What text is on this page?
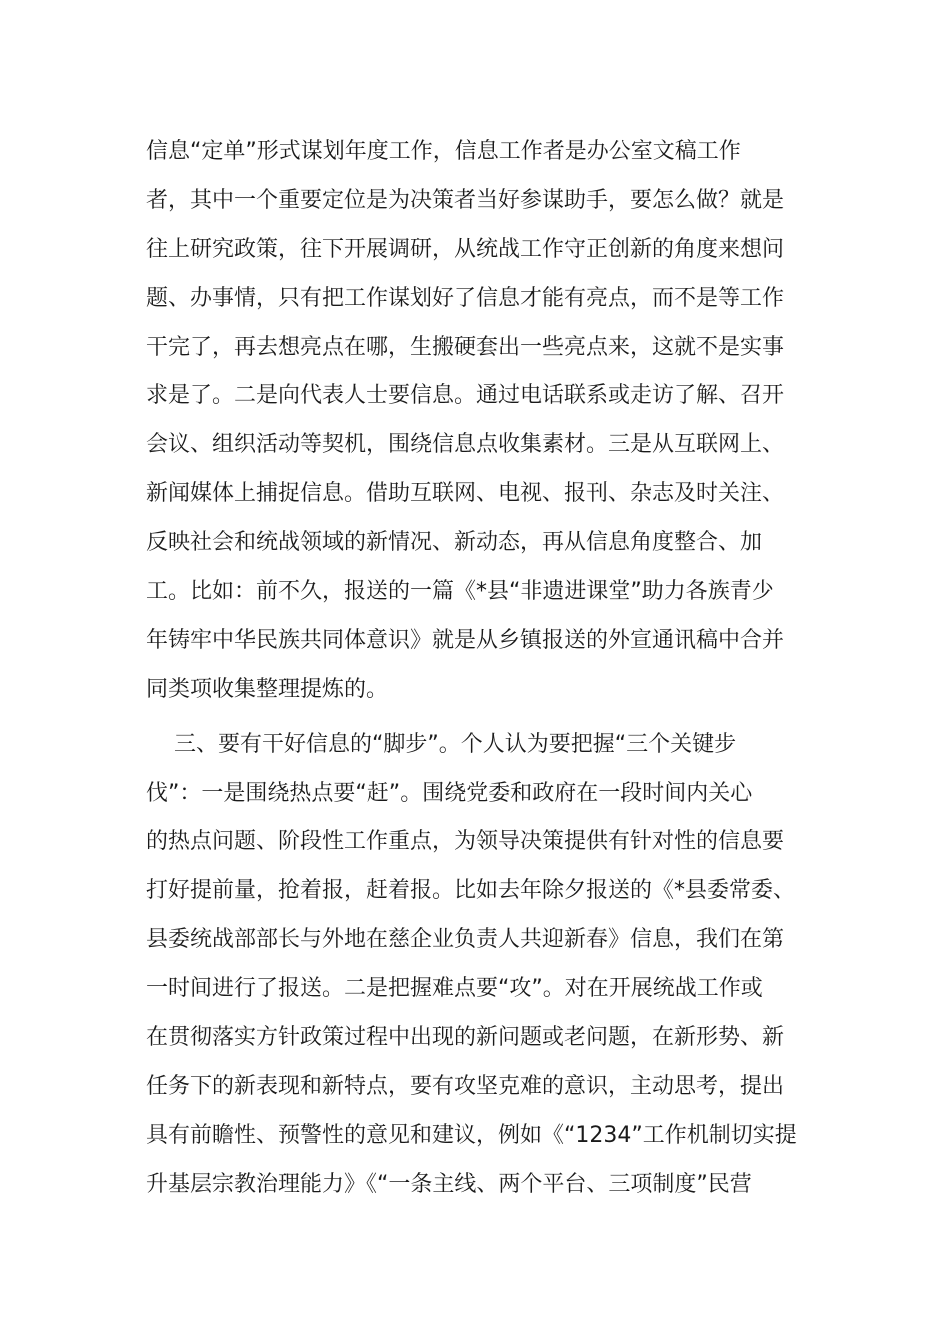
信息“定单”形式谋划年度工作，信息工作者是办公室文稿工作
者，其中一个重要定位是为决策者当好参谋助手，要怎么做？就是
往上研究政策，往下开展调研，从统战工作守正创新的角度来想问
题、办事情，只有把工作谋划好了信息才能有亮点，而不是等工作
干完了，再去想亮点在哪，生搬硬套出一些亮点来，这就不是实事
求是了。二是向代表人士要信息。通过电话联系或走访了解、召开
会议、组织活动等契机，围绕信息点收集素材。三是从互联网上、
新闻媒体上捕捉信息。借助互联网、电视、报刊、杂志及时关注、
反映社会和统战领域的新情况、新动态，再从信息角度整合、加
工。比如：前不久，报送的一篇《*县“非遗进课堂”助力各族青少
年铸牢中华民族共同体意识》就是从乡镇报送的外宣通讯稿中合并
同类项收集整理提炼的。
三、要有干好信息的“脚步”。个人认为要把握“三个关键步
伐”：一是围绕热点要“赶”。围绕党委和政府在一段时间内关心
的热点问题、阶段性工作重点，为领导决策提供有针对性的信息要
打好提前量，抢着报，赶着报。比如去年除夕报送的《*县委常委、
县委统战部部长与外地在慈企业负责人共迎新春》信息，我们在第
一时间进行了报送。二是把握难点要“攻”。对在开展统战工作或
在贯彻落实方针政策过程中出现的新问题或老问题，在新形势、新
任务下的新表现和新特点，要有攻坚克难的意识，主动思考，提出
具有前瞻性、预警性的意见和建议，例如《“1234”工作机制切实提
升基层宗教治理能力》《“一条主线、两个平台、三项制度”民营
